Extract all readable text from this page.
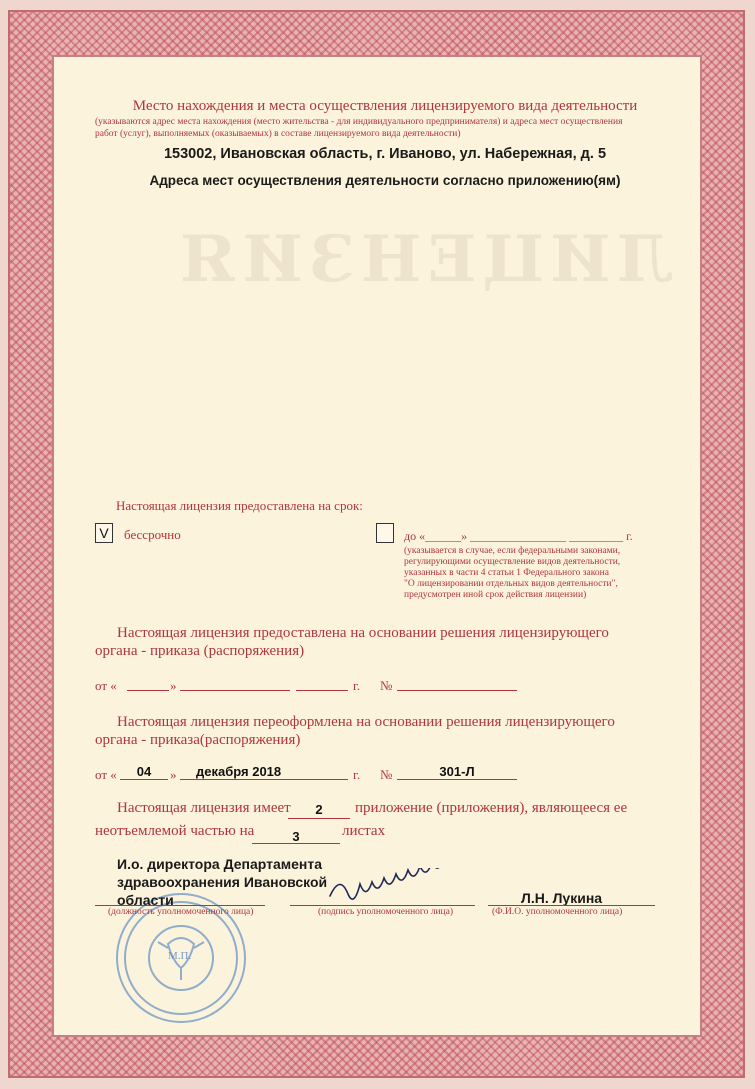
ЛИЦЕНЗИЯ
Место нахождения и места осуществления лицензируемого вида деятельности
(указываются адрес места нахождения (место жительства - для индивидуального предпринимателя) и адреса мест осуществления
работ (услуг), выполняемых (оказываемых) в составе лицензируемого вида деятельности)
153002, Ивановская область, г. Иваново, ул. Набережная, д. 5
Адреса мест осуществления деятельности согласно приложению(ям)
Настоящая лицензия предоставлена на срок:
V	бессрочно	до «______» ________________ _________ г.
(указывается в случае, если федеральными законами,
регулирующими осуществление видов деятельности,
указанных в части 4 статьи 1 Федерального закона
"О лицензировании отдельных видов деятельности",
предусмотрен иной срок действия лицензии)
Настоящая лицензия предоставлена на основании решения лицензирующего
органа - приказа (распоряжения)
от «	»	г. №
Настоящая лицензия переоформлена на основании решения лицензирующего
органа - приказа(распоряжения)
от «	04	»	декабря 2018	г. №	301-Л
Настоящая лицензия имеет	2	приложение (приложения), являющееся ее
неотъемлемой частью на	3	листах
М.П.
И.о. директора Департамента
здравоохранения Ивановской
области	Л.Н. Лукина
(должность уполномоченного лица)	(подпись уполномоченного лица)	(Ф.И.О. уполномоченного лица)
